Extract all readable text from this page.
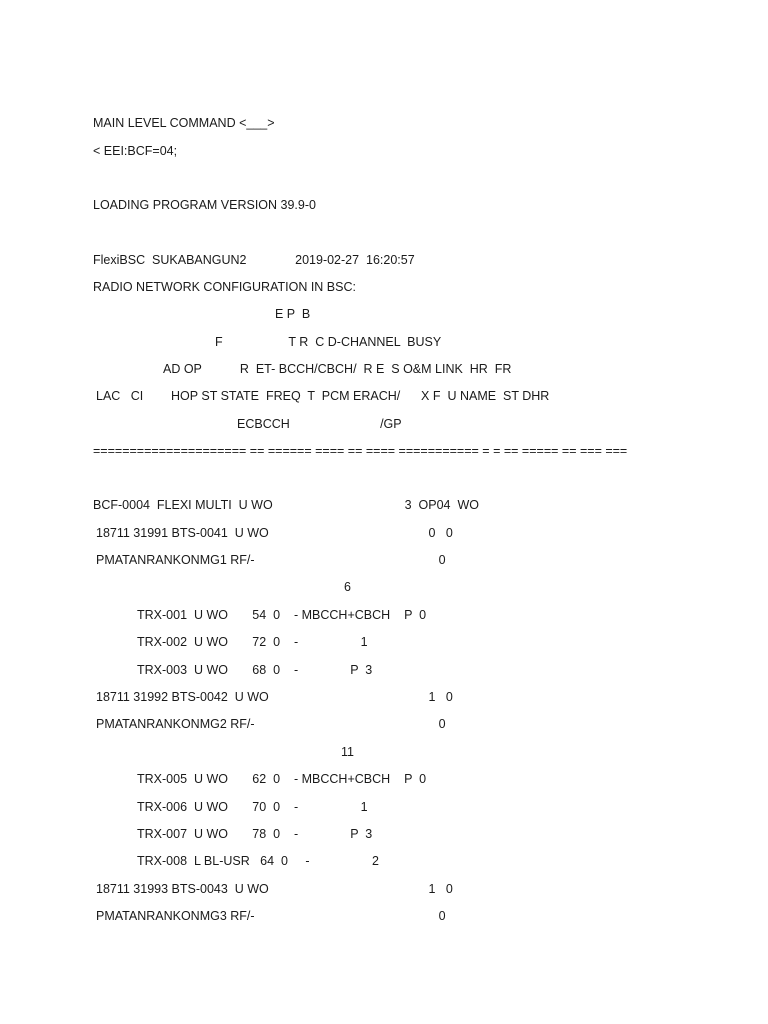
MAIN LEVEL COMMAND <___>
< EEI:BCF=04;
LOADING PROGRAM VERSION 39.9-0
FlexiBSC  SUKABANGUN2              2019-02-27  16:20:57
RADIO NETWORK CONFIGURATION IN BSC:
E P  B
F                   T R  C D-CHANNEL  BUSY
AD OP           R  ET- BCCH/CBCH/  R E  S O&M LINK  HR  FR
LAC   CI        HOP ST STATE  FREQ  T  PCM ERACH/      X F  U NAME  ST DHR
ECBCCH                          /GP
===================== == ====== ==== == ==== =========== = = == ===== == === ===
BCF-0004  FLEXI MULTI  U WO                                      3  OP04  WO
18711 31991 BTS-0041  U WO                                              0   0
PMATANRANKONMG1 RF/-                                                     0
6
TRX-001  U WO       54  0    - MBCCH+CBCH    P  0
TRX-002  U WO       72  0    -                  1
TRX-003  U WO       68  0    -               P  3
18711 31992 BTS-0042  U WO                                              1   0
PMATANRANKONMG2 RF/-                                                     0
11
TRX-005  U WO       62  0    - MBCCH+CBCH    P  0
TRX-006  U WO       70  0    -                  1
TRX-007  U WO       78  0    -               P  3
TRX-008  L BL-USR   64  0     -                  2
18711 31993 BTS-0043  U WO                                              1   0
PMATANRANKONMG3 RF/-                                                     0
